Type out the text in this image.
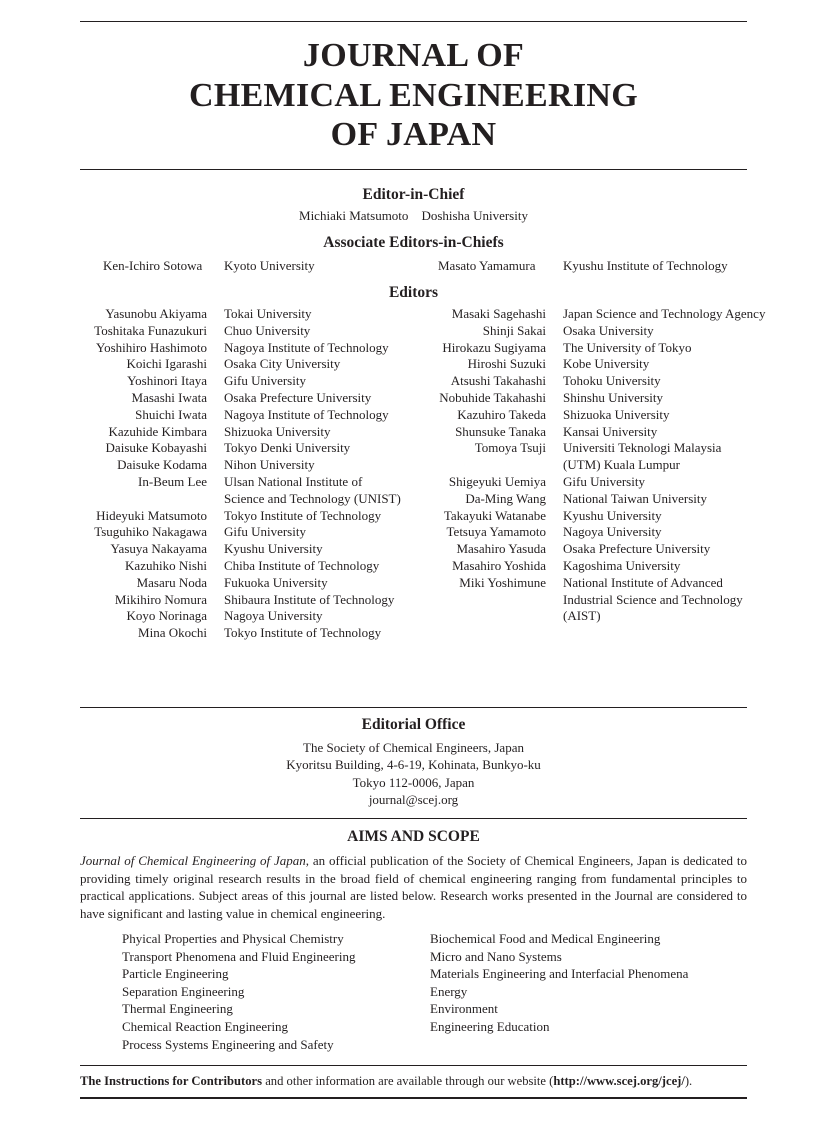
JOURNAL OF
CHEMICAL ENGINEERING
OF JAPAN
Editor-in-Chief
Michiaki Matsumoto Doshisha University
Associate Editors-in-Chiefs
Ken-Ichiro Sotowa Kyoto University	Masato Yamamura Kyushu Institute of Technology
Editors
Yasunobu Akiyama Tokai University
Toshitaka Funazukuri Chuo University
Yoshihiro Hashimoto Nagoya Institute of Technology
Koichi Igarashi Osaka City University
Yoshinori Itaya Gifu University
Masashi Iwata Osaka Prefecture University
Shuichi Iwata Nagoya Institute of Technology
Kazuhide Kimbara Shizuoka University
Daisuke Kobayashi Tokyo Denki University
Daisuke Kodama Nihon University
In-Beum Lee Ulsan National Institute of
Science and Technology (UNIST)
Hideyuki Matsumoto Tokyo Institute of Technology
Tsuguhiko Nakagawa Gifu University
Yasuya Nakayama Kyushu University
Kazuhiko Nishi Chiba Institute of Technology
Masaru Noda Fukuoka University
Mikihiro Nomura Shibaura Institute of Technology
Koyo Norinaga Nagoya University
Mina Okochi Tokyo Institute of Technology
Masaki Sagehashi Japan Science and Technology Agency
Shinji Sakai Osaka University
Hirokazu Sugiyama The University of Tokyo
Hiroshi Suzuki Kobe University
Atsushi Takahashi Tohoku University
Nobuhide Takahashi Shinshu University
Kazuhiro Takeda Shizuoka University
Shunsuke Tanaka Kansai University
Tomoya Tsuji Universiti Teknologi Malaysia
(UTM) Kuala Lumpur
Shigeyuki Uemiya Gifu University
Da-Ming Wang National Taiwan University
Takayuki Watanabe Kyushu University
Tetsuya Yamamoto Nagoya University
Masahiro Yasuda Osaka Prefecture University
Masahiro Yoshida Kagoshima University
Miki Yoshimune National Institute of Advanced
Industrial Science and Technology
(AIST)
Editorial Office
The Society of Chemical Engineers, Japan
Kyoritsu Building, 4-6-19, Kohinata, Bunkyo-ku
Tokyo 112-0006, Japan
journal@scej.org
AIMS AND SCOPE
Journal of Chemical Engineering of Japan, an official publication of the Society of Chemical Engineers, Japan is dedicated to providing timely original research results in the broad field of chemical engineering ranging from fundamental principles to practical applications. Subject areas of this journal are listed below. Research works presented in the Journal are considered to have significant and lasting value in chemical engineering.
Phyical Properties and Physical Chemistry
Transport Phenomena and Fluid Engineering
Particle Engineering
Separation Engineering
Thermal Engineering
Chemical Reaction Engineering
Process Systems Engineering and Safety
Biochemical Food and Medical Engineering
Micro and Nano Systems
Materials Engineering and Interfacial Phenomena
Energy
Environment
Engineering Education
The Instructions for Contributors and other information are available through our website (http://www.scej.org/jcej/).
